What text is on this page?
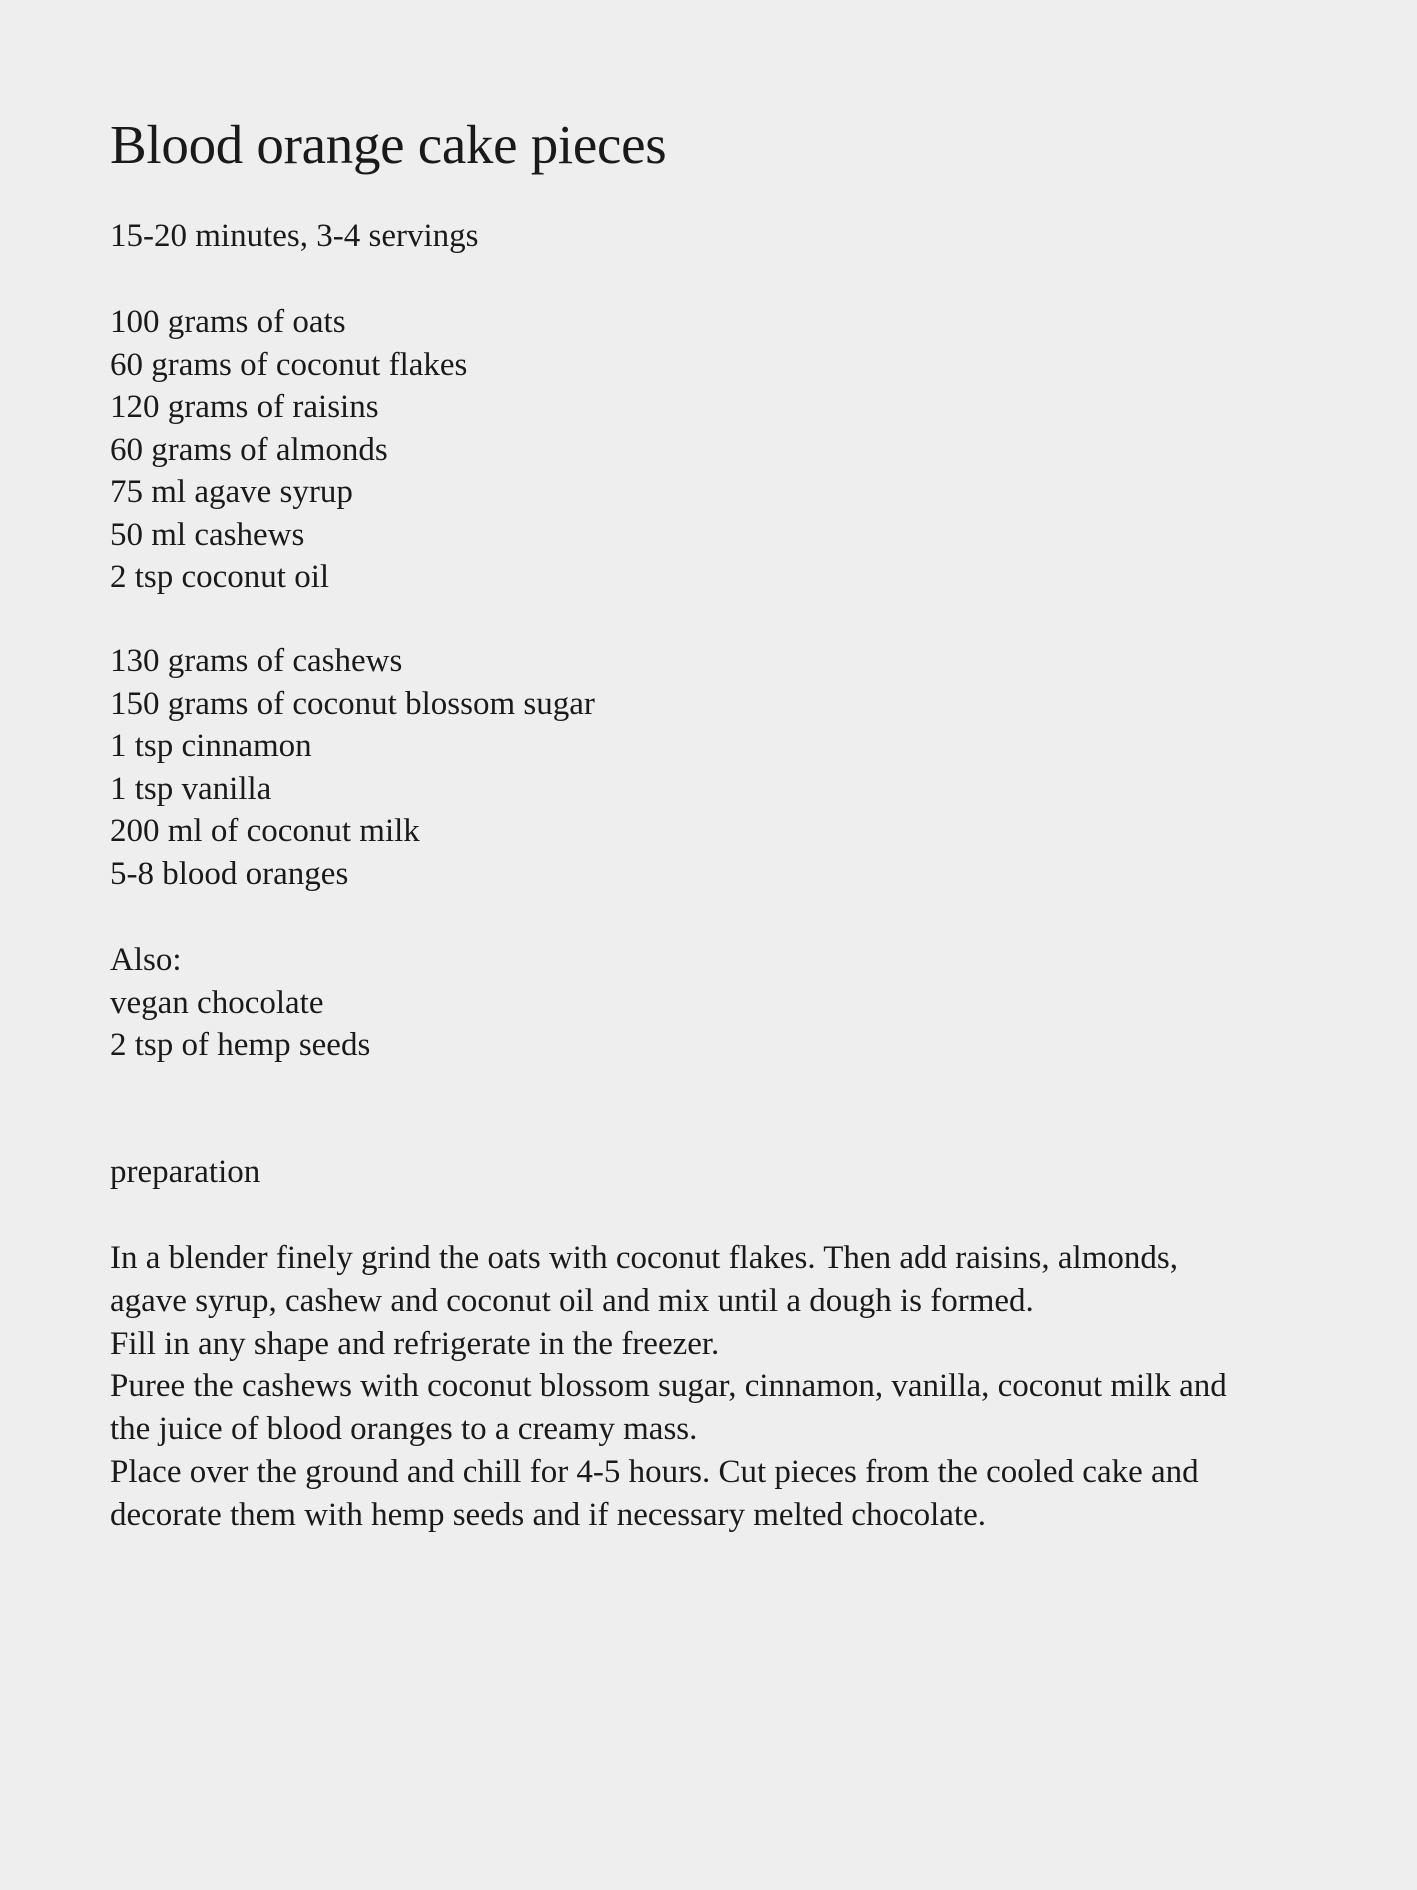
Blood orange cake pieces
15-20 minutes, 3-4 servings
100 grams of oats
60 grams of coconut flakes
120 grams of raisins
60 grams of almonds
75 ml agave syrup
50 ml cashews
2 tsp coconut oil
130 grams of cashews
150 grams of coconut blossom sugar
1 tsp cinnamon
1 tsp vanilla
200 ml of coconut milk
5-8 blood oranges
Also:
vegan chocolate
2 tsp of hemp seeds
preparation

In a blender finely grind the oats with coconut flakes. Then add raisins, almonds,

agave syrup, cashew and coconut oil and mix until a dough is formed.

Fill in any shape and refrigerate in the freezer.

Puree the cashews with coconut blossom sugar, cinnamon, vanilla, coconut milk and

the juice of blood oranges to a creamy mass.

Place over the ground and chill for 4-5 hours. Cut pieces from the cooled cake and

decorate them with hemp seeds and if necessary melted chocolate.
